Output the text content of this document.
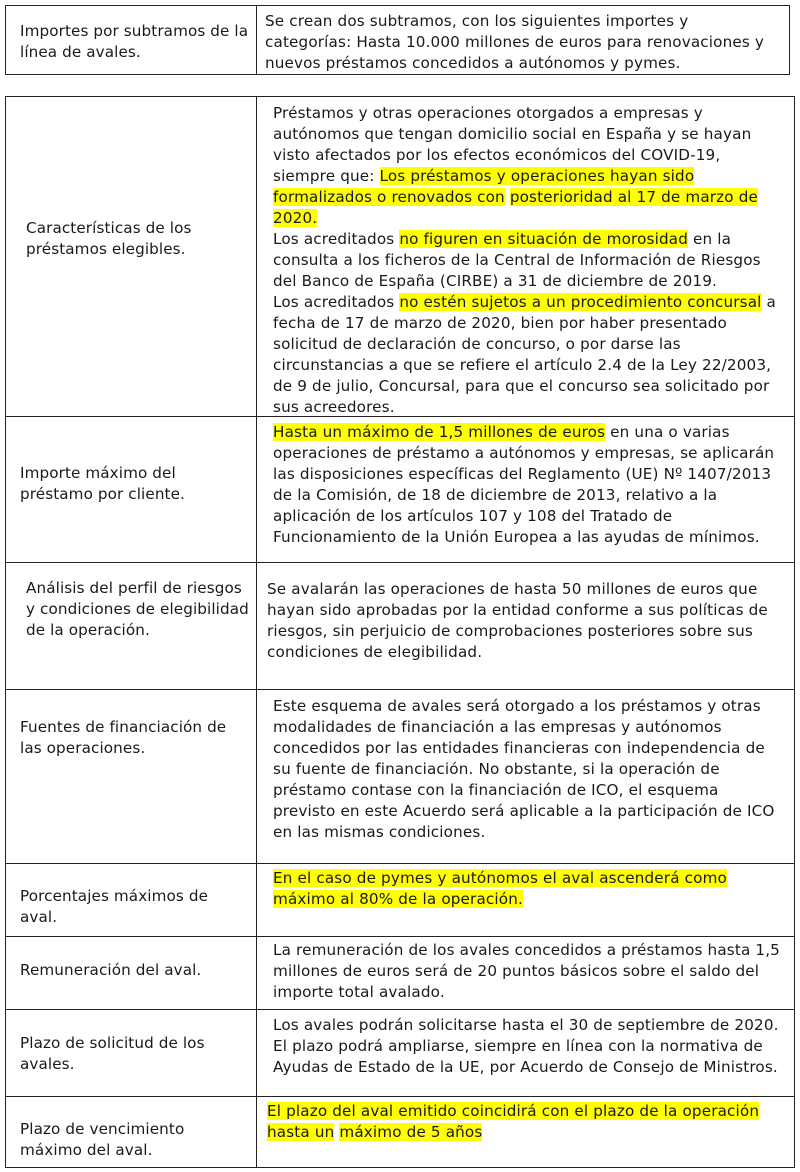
Importes por subtramos de la línea de avales.
Se crean dos subtramos, con los siguientes importes y categorías: Hasta 10.000 millones de euros para renovaciones y nuevos préstamos concedidos a autónomos y pymes.
Características de los préstamos elegibles.
Préstamos y otras operaciones otorgados a empresas y autónomos que tengan domicilio social en España y se hayan visto afectados por los efectos económicos del COVID-19, siempre que: Los préstamos y operaciones hayan sido formalizados o renovados con posterioridad al 17 de marzo de 2020.
Los acreditados no figuren en situación de morosidad en la consulta a los ficheros de la Central de Información de Riesgos del Banco de España (CIRBE) a 31 de diciembre de 2019.
Los acreditados no estén sujetos a un procedimiento concursal a fecha de 17 de marzo de 2020, bien por haber presentado solicitud de declaración de concurso, o por darse las circunstancias a que se refiere el artículo 2.4 de la Ley 22/2003, de 9 de julio, Concursal, para que el concurso sea solicitado por sus acreedores.
Importe máximo del préstamo por cliente.
Hasta un máximo de 1,5 millones de euros en una o varias operaciones de préstamo a autónomos y empresas, se aplicarán las disposiciones específicas del Reglamento (UE) Nº 1407/2013 de la Comisión, de 18 de diciembre de 2013, relativo a la aplicación de los artículos 107 y 108 del Tratado de Funcionamiento de la Unión Europea a las ayudas de mínimos.
Análisis del perfil de riesgos y condiciones de elegibilidad de la operación.
Se avalarán las operaciones de hasta 50 millones de euros que hayan sido aprobadas por la entidad conforme a sus políticas de riesgos, sin perjuicio de comprobaciones posteriores sobre sus condiciones de elegibilidad.
Fuentes de financiación de las operaciones.
Este esquema de avales será otorgado a los préstamos y otras modalidades de financiación a las empresas y autónomos concedidos por las entidades financieras con independencia de su fuente de financiación. No obstante, si la operación de préstamo contase con la financiación de ICO, el esquema previsto en este Acuerdo será aplicable a la participación de ICO en las mismas condiciones.
Porcentajes máximos de aval.
En el caso de pymes y autónomos el aval ascenderá como máximo al 80% de la operación.
Remuneración del aval.
La remuneración de los avales concedidos a préstamos hasta 1,5 millones de euros será de 20 puntos básicos sobre el saldo del importe total avalado.
Plazo de solicitud de los avales.
Los avales podrán solicitarse hasta el 30 de septiembre de 2020. El plazo podrá ampliarse, siempre en línea con la normativa de Ayudas de Estado de la UE, por Acuerdo de Consejo de Ministros.
Plazo de vencimiento máximo del aval.
El plazo del aval emitido coincidirá con el plazo de la operación hasta un máximo de 5 años
